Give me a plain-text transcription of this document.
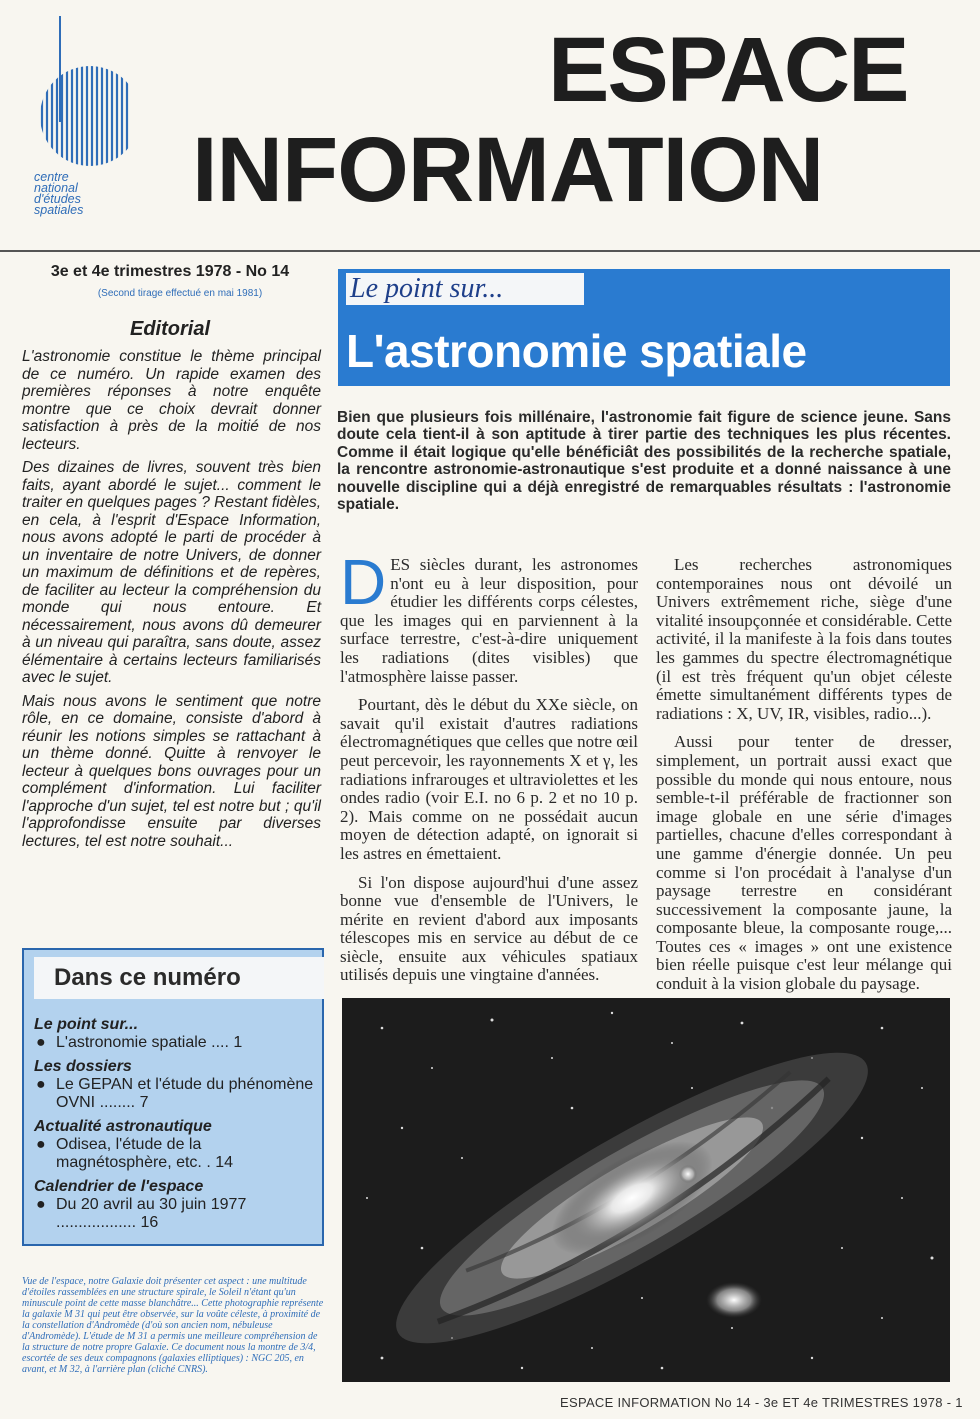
centre
national
d'études
spatiales
ESPACE
INFORMATION
3e et 4e trimestres 1978 - No 14
(Second tirage effectué en mai 1981)
Editorial

L'astronomie constitue le thème principal de ce numéro. Un rapide examen des premières réponses à notre enquête montre que ce choix devrait donner satisfaction à près de la moitié de nos lecteurs.

Des dizaines de livres, souvent très bien faits, ayant abordé le sujet... comment le traiter en quelques pages ? Restant fidèles, en cela, à l'esprit d'Espace Information, nous avons adopté le parti de procéder à un inventaire de notre Univers, de donner un maximum de définitions et de repères, de faciliter au lecteur la compréhension du monde qui nous entoure. Et nécessairement, nous avons dû demeurer à un niveau qui paraîtra, sans doute, assez élémentaire à certains lecteurs familiarisés avec le sujet.

Mais nous avons le sentiment que notre rôle, en ce domaine, consiste d'abord à réunir les notions simples se rattachant à un thème donné. Quitte à renvoyer le lecteur à quelques bons ouvrages pour un complément d'information. Lui faciliter l'approche d'un sujet, tel est notre but ; qu'il l'approfondisse ensuite par diverses lectures, tel est notre souhait...

Dans ce numéro
Le point sur...
● L'astronomie spatiale .... 1
Les dossiers
● Le GEPAN et l'étude du phénomène OVNI ........ 7
Actualité astronautique
● Odisea, l'étude de la magnétosphère, etc. . 14
Calendrier de l'espace
● Du 20 avril au 30 juin 1977 .................. 16
Vue de l'espace, notre Galaxie doit présenter cet aspect : une multitude d'étoiles rassemblées en une structure spirale, le Soleil n'étant qu'un minuscule point de cette masse blanchâtre... Cette photographie représente la galaxie M 31 qui peut être observée, sur la voûte céleste, à proximité de la constellation d'Andromède (d'où son ancien nom, nébuleuse d'Andromède). L'étude de M 31 a permis une meilleure compréhension de la structure de notre propre Galaxie. Ce document nous la montre de 3/4, escortée de ses deux compagnons (galaxies elliptiques) : NGC 205, en avant, et M 32, à l'arrière plan (cliché CNRS).
Le point sur...
L'astronomie spatiale
Bien que plusieurs fois millénaire, l'astronomie fait figure de science jeune. Sans doute cela tient-il à son aptitude à tirer partie des techniques les plus récentes. Comme il était logique qu'elle bénéficiât des possibilités de la recherche spatiale, la rencontre astronomie-astronautique s'est produite et a donné naissance à une nouvelle discipline qui a déjà enregistré de remarquables résultats : l'astronomie spatiale.

DES siècles durant, les astronomes n'ont eu à leur disposition, pour étudier les différents corps célestes, que les images qui en parviennent à la surface terrestre, c'est-à-dire uniquement les radiations (dites visibles) que l'atmosphère laisse passer.

Pourtant, dès le début du XXe siècle, on savait qu'il existait d'autres radiations électromagnétiques que celles que notre œil peut percevoir, les rayonnements X et γ, les radiations infrarouges et ultraviolettes et les ondes radio (voir E.I. no 6 p. 2 et no 10 p. 2). Mais comme on ne possédait aucun moyen de détection adapté, on ignorait si les astres en émettaient.

Si l'on dispose aujourd'hui d'une assez bonne vue d'ensemble de l'Univers, le mérite en revient d'abord aux imposants télescopes mis en service au début de ce siècle, ensuite aux véhicules spatiaux utilisés depuis une vingtaine d'années.

Les recherches astronomiques contemporaines nous ont dévoilé un Univers extrêmement riche, siège d'une vitalité insoupçonnée et considérable. Cette activité, il la manifeste à la fois dans toutes les gammes du spectre électromagnétique (il est très fréquent qu'un objet céleste émette simultanément différents types de radiations : X, UV, IR, visibles, radio...).

Aussi pour tenter de dresser, simplement, un portrait aussi exact que possible du monde qui nous entoure, nous semble-t-il préférable de fractionner son image globale en une série d'images partielles, chacune d'elles correspondant à une gamme d'énergie donnée. Un peu comme si l'on procédait à l'analyse d'un paysage terrestre en considérant successivement la composante jaune, la composante bleue, la composante rouge,... Toutes ces « images » ont une existence bien réelle puisque c'est leur mélange qui conduit à la vision globale du paysage.

ESPACE INFORMATION No 14 - 3e ET 4e TRIMESTRES 1978 - 1
